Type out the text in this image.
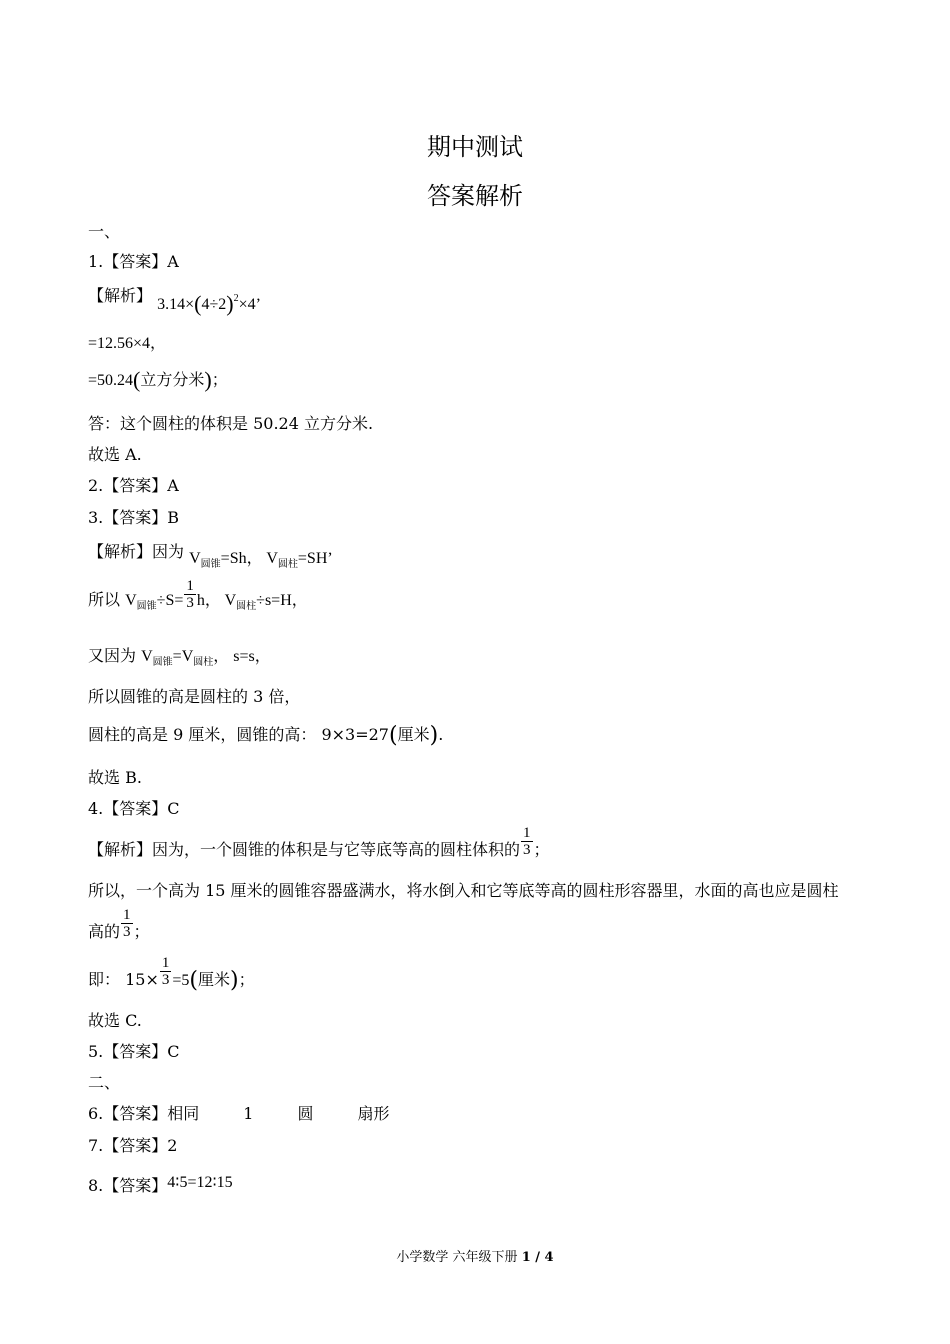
期中测试
答案解析
一、
1.【答案】A
【解析】 $3.14\times(4\div 2)^2\times 4$’
=12.56×4，
=50.24(立方分米)；
答：这个圆柱的体积是 50.24 立方分米.
故选 A.
2.【答案】A
3.【答案】B
【解析】因为 $V_{圆锥}=Sh$， $V_{圆柱}=SH$’
所以 $V_{圆锥}\div S= \frac{1}{3}$ h， $V_{圆柱}\div s=H$，
又因为 $V_{圆锥}=V_{圆柱}$， s=s，
所以圆锥的高是圆柱的 3 倍，
圆柱的高是 9 厘米，圆锥的高： 9×3=27(厘米).
故选 B.
4.【答案】C
【解析】因为，一个圆锥的体积是与它等底等高的圆柱体积的 $\frac{1}{3}$ ；
所以，一个高为 15 厘米的圆锥容器盛满水，将水倒入和它等底等高的圆柱形容器里，水面的高也应是圆柱
高的 $\frac{1}{3}$ ；
即： $15\times \frac{1}{3} =5$(厘米)；
故选 C.
5.【答案】C
二、
6.【答案】相同	1	圆	扇形
7.【答案】2
8.【答案】4∶5=12∶15
小学数学 六年级下册 1 / 4
